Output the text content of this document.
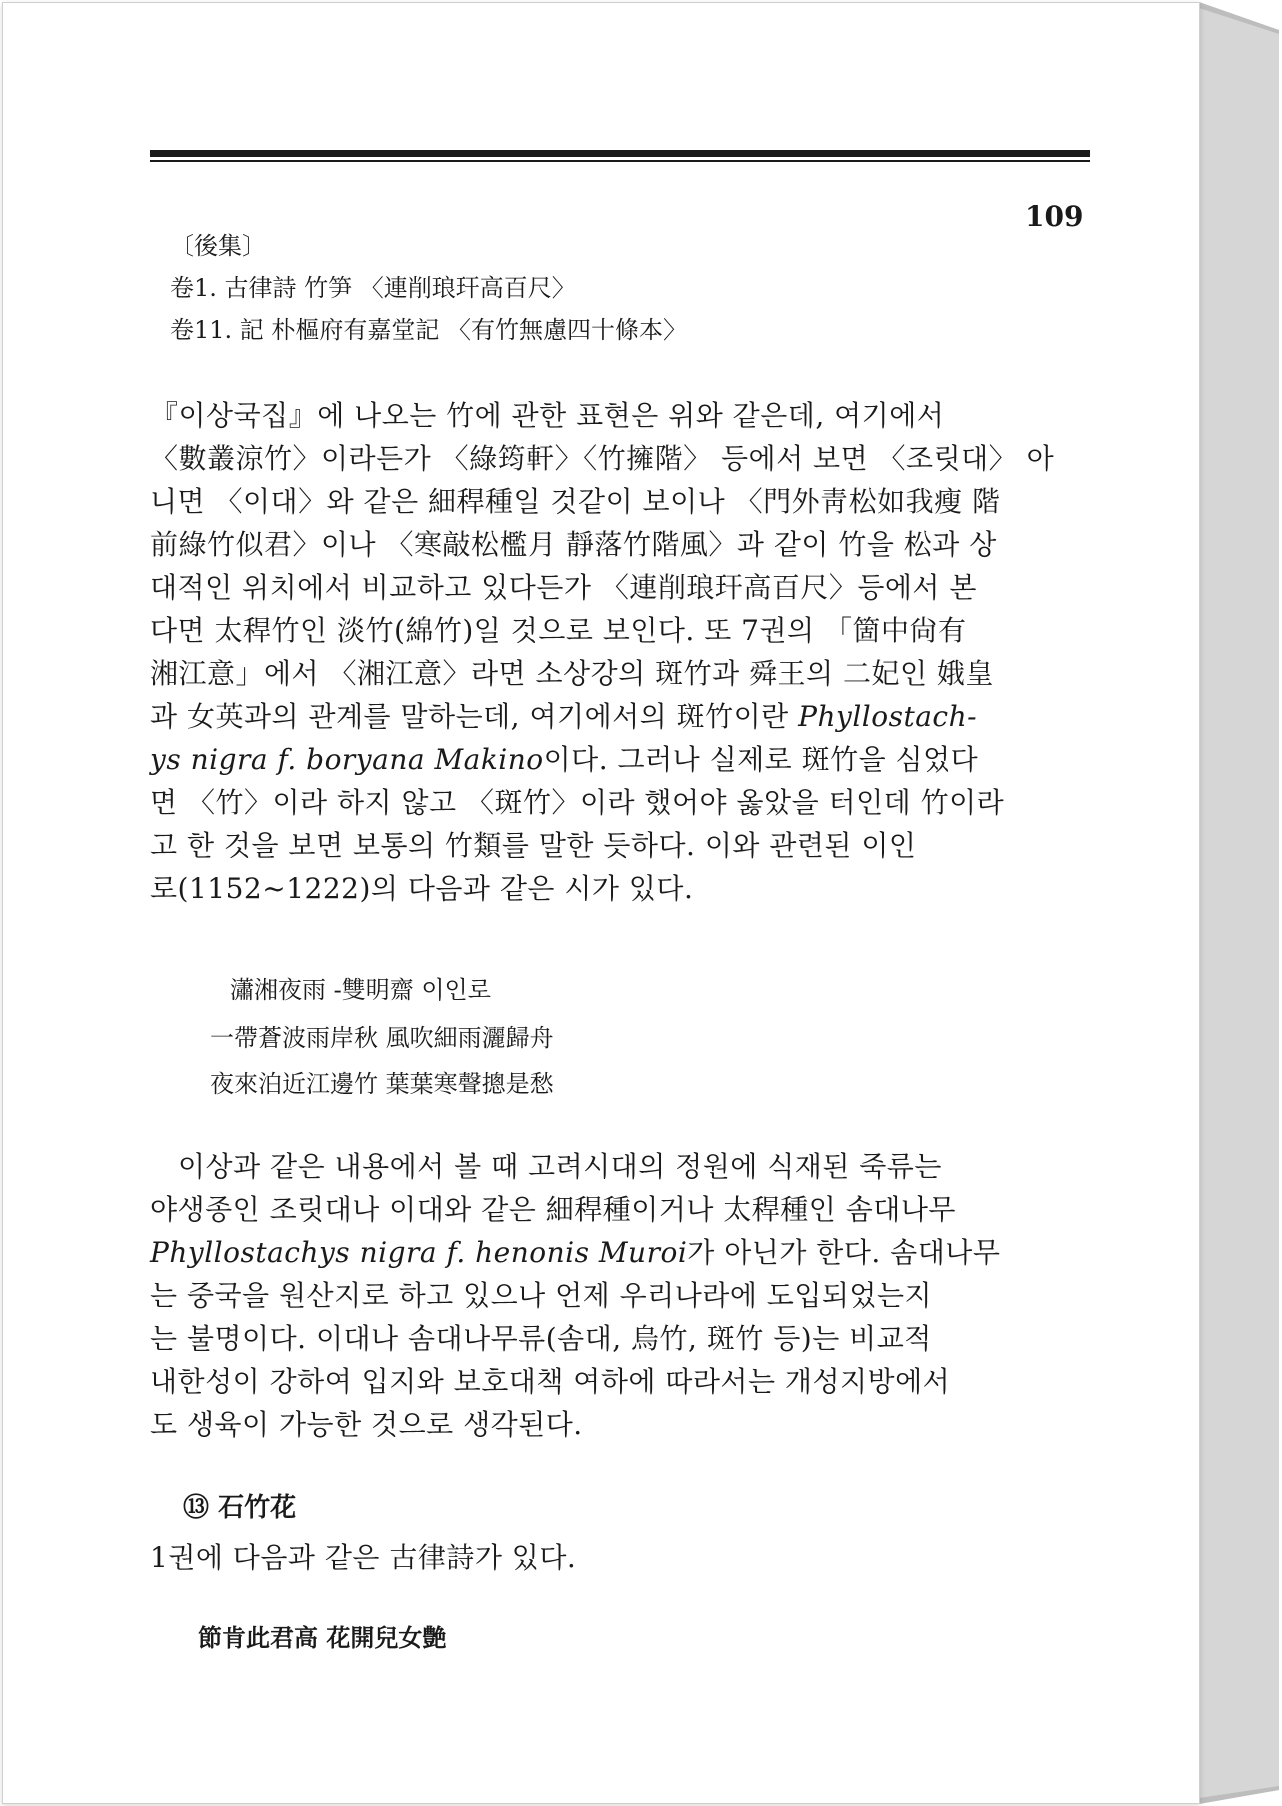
109
〔後集〕
卷1. 古律詩 竹笋 〈連削琅玕高百尺〉
卷11. 記 朴樞府有嘉堂記 〈有竹無慮四十條本〉
『이상국집』에 나오는 竹에 관한 표현은 위와 같은데, 여기에서
〈數叢涼竹〉이라든가 〈綠筠軒〉〈竹擁階〉 등에서 보면 〈조릿대〉 아
니면 〈이대〉와 같은 細稈種일 것같이 보이나 〈門外靑松如我瘦 階
前綠竹似君〉이나 〈寒敲松檻月 靜落竹階風〉과 같이 竹을 松과 상
대적인 위치에서 비교하고 있다든가 〈連削琅玕高百尺〉등에서 본
다면 太稈竹인 淡竹(綿竹)일 것으로 보인다. 또 7권의 「箇中尙有
湘江意」에서 〈湘江意〉라면 소상강의 斑竹과 舜王의 二妃인 娥皇
과 女英과의 관계를 말하는데, 여기에서의 斑竹이란 Phyllostach-
ys nigra f. boryana Makino이다. 그러나 실제로 斑竹을 심었다
면 〈竹〉이라 하지 않고 〈斑竹〉이라 했어야 옳았을 터인데 竹이라
고 한 것을 보면 보통의 竹類를 말한 듯하다. 이와 관련된 이인
로(1152~1222)의 다음과 같은 시가 있다.
瀟湘夜雨 -雙明齋 이인로
一帶蒼波雨岸秋 風吹細雨灑歸舟
夜來泊近江邊竹 葉葉寒聲摠是愁
이상과 같은 내용에서 볼 때 고려시대의 정원에 식재된 죽류는
야생종인 조릿대나 이대와 같은 細稈種이거나 太稈種인 솜대나무
Phyllostachys nigra f. henonis Muroi가 아닌가 한다. 솜대나무
는 중국을 원산지로 하고 있으나 언제 우리나라에 도입되었는지
는 불명이다. 이대나 솜대나무류(솜대, 烏竹, 斑竹 등)는 비교적
내한성이 강하여 입지와 보호대책 여하에 따라서는 개성지방에서
도 생육이 가능한 것으로 생각된다.
⑬ 石竹花
1권에 다음과 같은 古律詩가 있다.
節肯此君高 花開兒女艶
